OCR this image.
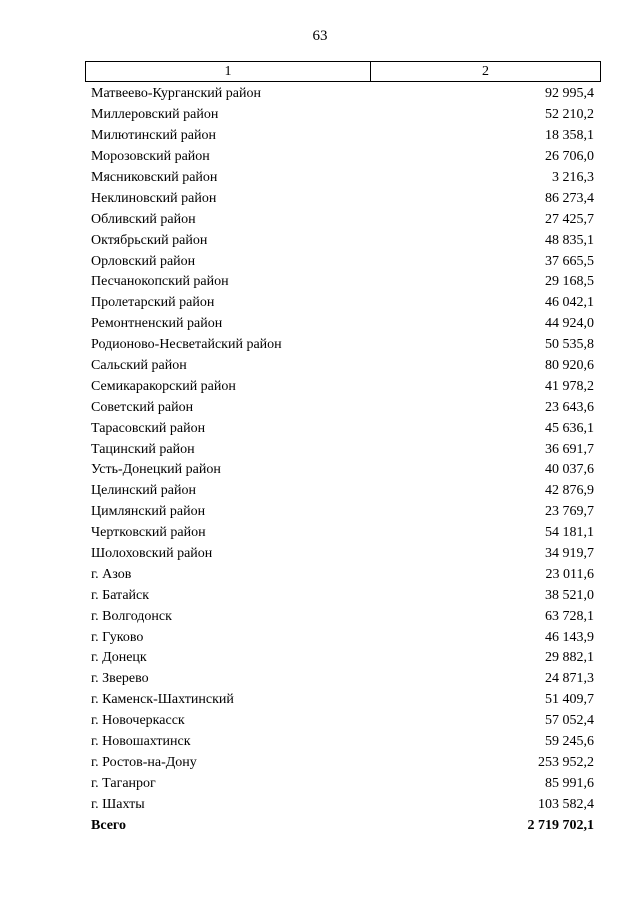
63
1	2
Матвеево-Курганский район	92 995,4
Миллеровский район	52 210,2
Милютинский район	18 358,1
Морозовский район	26 706,0
Мясниковский район	3 216,3
Неклиновский район	86 273,4
Обливский район	27 425,7
Октябрьский район	48 835,1
Орловский район	37 665,5
Песчанокопский район	29 168,5
Пролетарский район	46 042,1
Ремонтненский район	44 924,0
Родионово-Несветайский район	50 535,8
Сальский район	80 920,6
Семикаракорский район	41 978,2
Советский район	23 643,6
Тарасовский район	45 636,1
Тацинский район	36 691,7
Усть-Донецкий район	40 037,6
Целинский район	42 876,9
Цимлянский район	23 769,7
Чертковский район	54 181,1
Шолоховский район	34 919,7
г. Азов	23 011,6
г. Батайск	38 521,0
г. Волгодонск	63 728,1
г. Гуково	46 143,9
г. Донецк	29 882,1
г. Зверево	24 871,3
г. Каменск-Шахтинский	51 409,7
г. Новочеркасск	57 052,4
г. Новошахтинск	59 245,6
г. Ростов-на-Дону	253 952,2
г. Таганрог	85 991,6
г. Шахты	103 582,4
Всего	2 719 702,1
